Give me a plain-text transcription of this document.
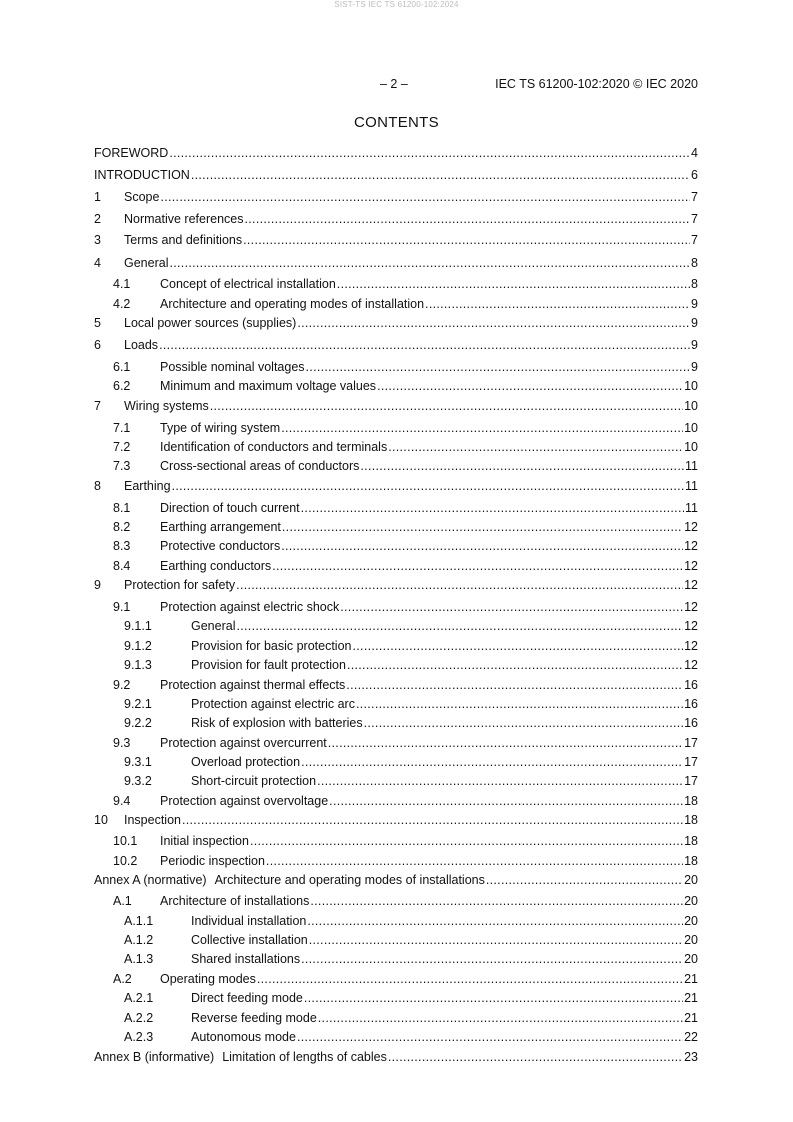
SIST-TS IEC TS 61200-102:2024
– 2 –	IEC TS 61200-102:2020 © IEC 2020
CONTENTS
FOREWORD .....	4
INTRODUCTION .....	6
1	Scope .....	7
2	Normative references .....	7
3	Terms and definitions .....	7
4	General .....	8
4.1	Concept of electrical installation .....	8
4.2	Architecture and operating modes of installation .....	9
5	Local power sources (supplies) .....	9
6	Loads .....	9
6.1	Possible nominal voltages .....	9
6.2	Minimum and maximum voltage values .....	10
7	Wiring systems .....	10
7.1	Type of wiring system .....	10
7.2	Identification of conductors and terminals .....	10
7.3	Cross-sectional areas of conductors .....	11
8	Earthing .....	11
8.1	Direction of touch current .....	11
8.2	Earthing arrangement .....	12
8.3	Protective conductors .....	12
8.4	Earthing conductors .....	12
9	Protection for safety .....	12
9.1	Protection against electric shock .....	12
9.1.1	General .....	12
9.1.2	Provision for basic protection .....	12
9.1.3	Provision for fault protection .....	12
9.2	Protection against thermal effects .....	16
9.2.1	Protection against electric arc .....	16
9.2.2	Risk of explosion with batteries .....	16
9.3	Protection against overcurrent .....	17
9.3.1	Overload protection .....	17
9.3.2	Short-circuit protection .....	17
9.4	Protection against overvoltage .....	18
10	Inspection .....	18
10.1	Initial inspection .....	18
10.2	Periodic inspection .....	18
Annex A (normative) Architecture and operating modes of installations .....	20
A.1	Architecture of installations .....	20
A.1.1	Individual installation .....	20
A.1.2	Collective installation .....	20
A.1.3	Shared installations .....	20
A.2	Operating modes .....	21
A.2.1	Direct feeding mode .....	21
A.2.2	Reverse feeding mode .....	21
A.2.3	Autonomous mode .....	22
Annex B (informative) Limitation of lengths of cables .....	23
